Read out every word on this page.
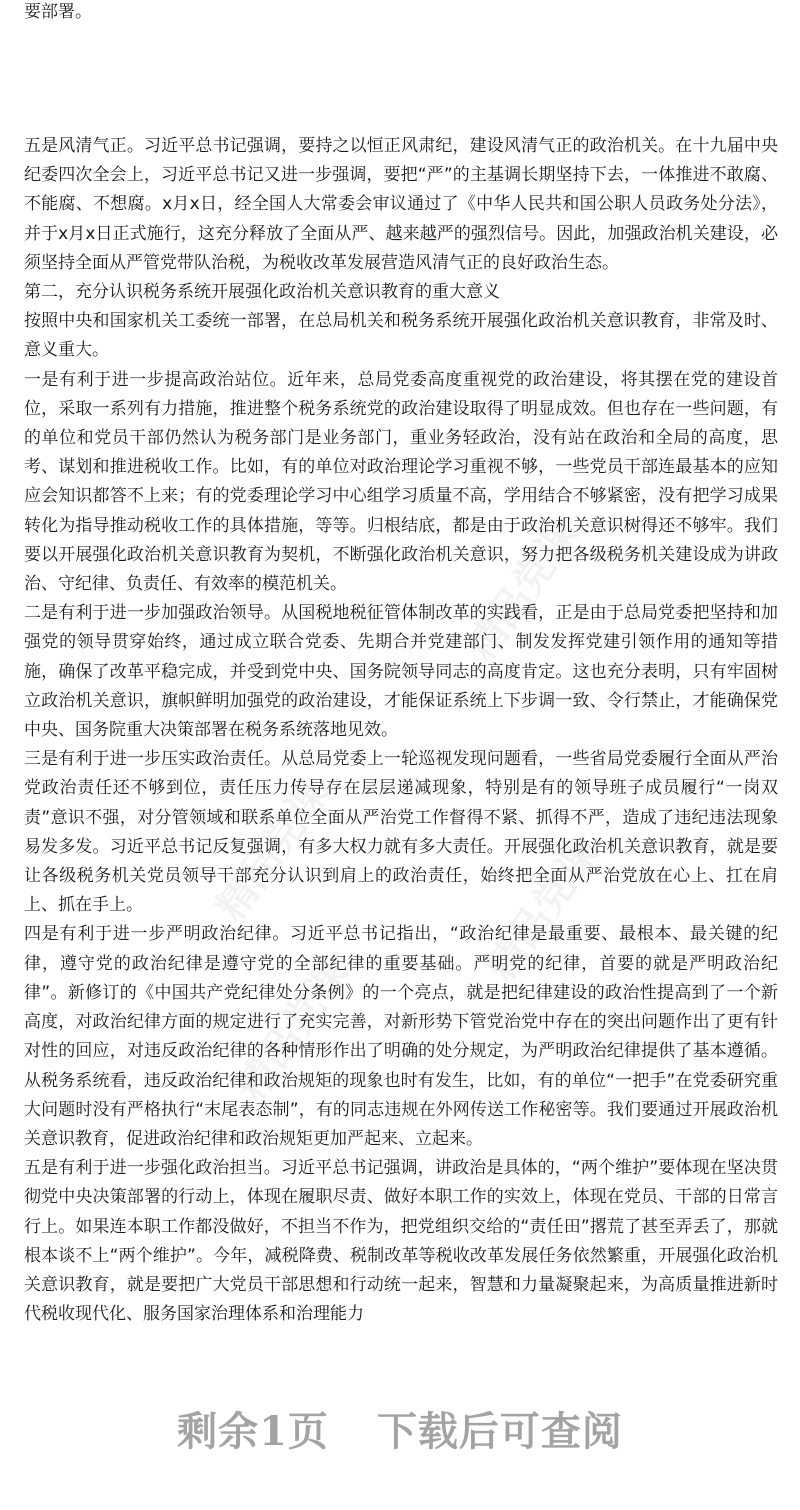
精品党课
精品党课	精品党课
精品党课
要部署。

五是风清气正。习近平总书记强调，要持之以恒正风肃纪，建设风清气正的政治机关。在十九届中央纪委四次全会上，习近平总书记又进一步强调，要把“严”的主基调长期坚持下去，一体推进不敢腐、不能腐、不想腐。x月x日，经全国人大常委会审议通过了《中华人民共和国公职人员政务处分法》，并于x月x日正式施行，这充分释放了全面从严、越来越严的强烈信号。因此，加强政治机关建设，必须坚持全面从严管党带队治税，为税收改革发展营造风清气正的良好政治生态。

第二，充分认识税务系统开展强化政治机关意识教育的重大意义

按照中央和国家机关工委统一部署，在总局机关和税务系统开展强化政治机关意识教育，非常及时、意义重大。

一是有利于进一步提高政治站位。近年来，总局党委高度重视党的政治建设，将其摆在党的建设首位，采取一系列有力措施，推进整个税务系统党的政治建设取得了明显成效。但也存在一些问题，有的单位和党员干部仍然认为税务部门是业务部门，重业务轻政治，没有站在政治和全局的高度，思考、谋划和推进税收工作。比如，有的单位对政治理论学习重视不够，一些党员干部连最基本的应知应会知识都答不上来；有的党委理论学习中心组学习质量不高，学用结合不够紧密，没有把学习成果转化为指导推动税收工作的具体措施，等等。归根结底，都是由于政治机关意识树得还不够牢。我们要以开展强化政治机关意识教育为契机，不断强化政治机关意识，努力把各级税务机关建设成为讲政治、守纪律、负责任、有效率的模范机关。

二是有利于进一步加强政治领导。从国税地税征管体制改革的实践看，正是由于总局党委把坚持和加强党的领导贯穿始终，通过成立联合党委、先期合并党建部门、制发发挥党建引领作用的通知等措施，确保了改革平稳完成，并受到党中央、国务院领导同志的高度肯定。这也充分表明，只有牢固树立政治机关意识，旗帜鲜明加强党的政治建设，才能保证系统上下步调一致、令行禁止，才能确保党中央、国务院重大决策部署在税务系统落地见效。

三是有利于进一步压实政治责任。从总局党委上一轮巡视发现问题看，一些省局党委履行全面从严治党政治责任还不够到位，责任压力传导存在层层递减现象，特别是有的领导班子成员履行“一岗双责”意识不强，对分管领域和联系单位全面从严治党工作督得不紧、抓得不严，造成了违纪违法现象易发多发。习近平总书记反复强调，有多大权力就有多大责任。开展强化政治机关意识教育，就是要让各级税务机关党员领导干部充分认识到肩上的政治责任，始终把全面从严治党放在心上、扛在肩上、抓在手上。

四是有利于进一步严明政治纪律。习近平总书记指出，“政治纪律是最重要、最根本、最关键的纪律，遵守党的政治纪律是遵守党的全部纪律的重要基础。严明党的纪律，首要的就是严明政治纪律”。新修订的《中国共产党纪律处分条例》的一个亮点，就是把纪律建设的政治性提高到了一个新高度，对政治纪律方面的规定进行了充实完善，对新形势下管党治党中存在的突出问题作出了更有针对性的回应，对违反政治纪律的各种情形作出了明确的处分规定，为严明政治纪律提供了基本遵循。从税务系统看，违反政治纪律和政治规矩的现象也时有发生，比如，有的单位“一把手”在党委研究重大问题时没有严格执行“末尾表态制”，有的同志违规在外网传送工作秘密等。我们要通过开展政治机关意识教育，促进政治纪律和政治规矩更加严起来、立起来。

五是有利于进一步强化政治担当。习近平总书记强调，讲政治是具体的，“两个维护”要体现在坚决贯彻党中央决策部署的行动上，体现在履职尽责、做好本职工作的实效上，体现在党员、干部的日常言行上。如果连本职工作都没做好，不担当不作为，把党组织交给的“责任田”撂荒了甚至弄丢了，那就根本谈不上“两个维护”。今年，减税降费、税制改革等税收改革发展任务依然繁重，开展强化政治机关意识教育，就是要把广大党员干部思想和行动统一起来，智慧和力量凝聚起来，为高质量推进新时代税收现代化、服务国家治理体系和治理能力

剩余1页 下载后可查阅
